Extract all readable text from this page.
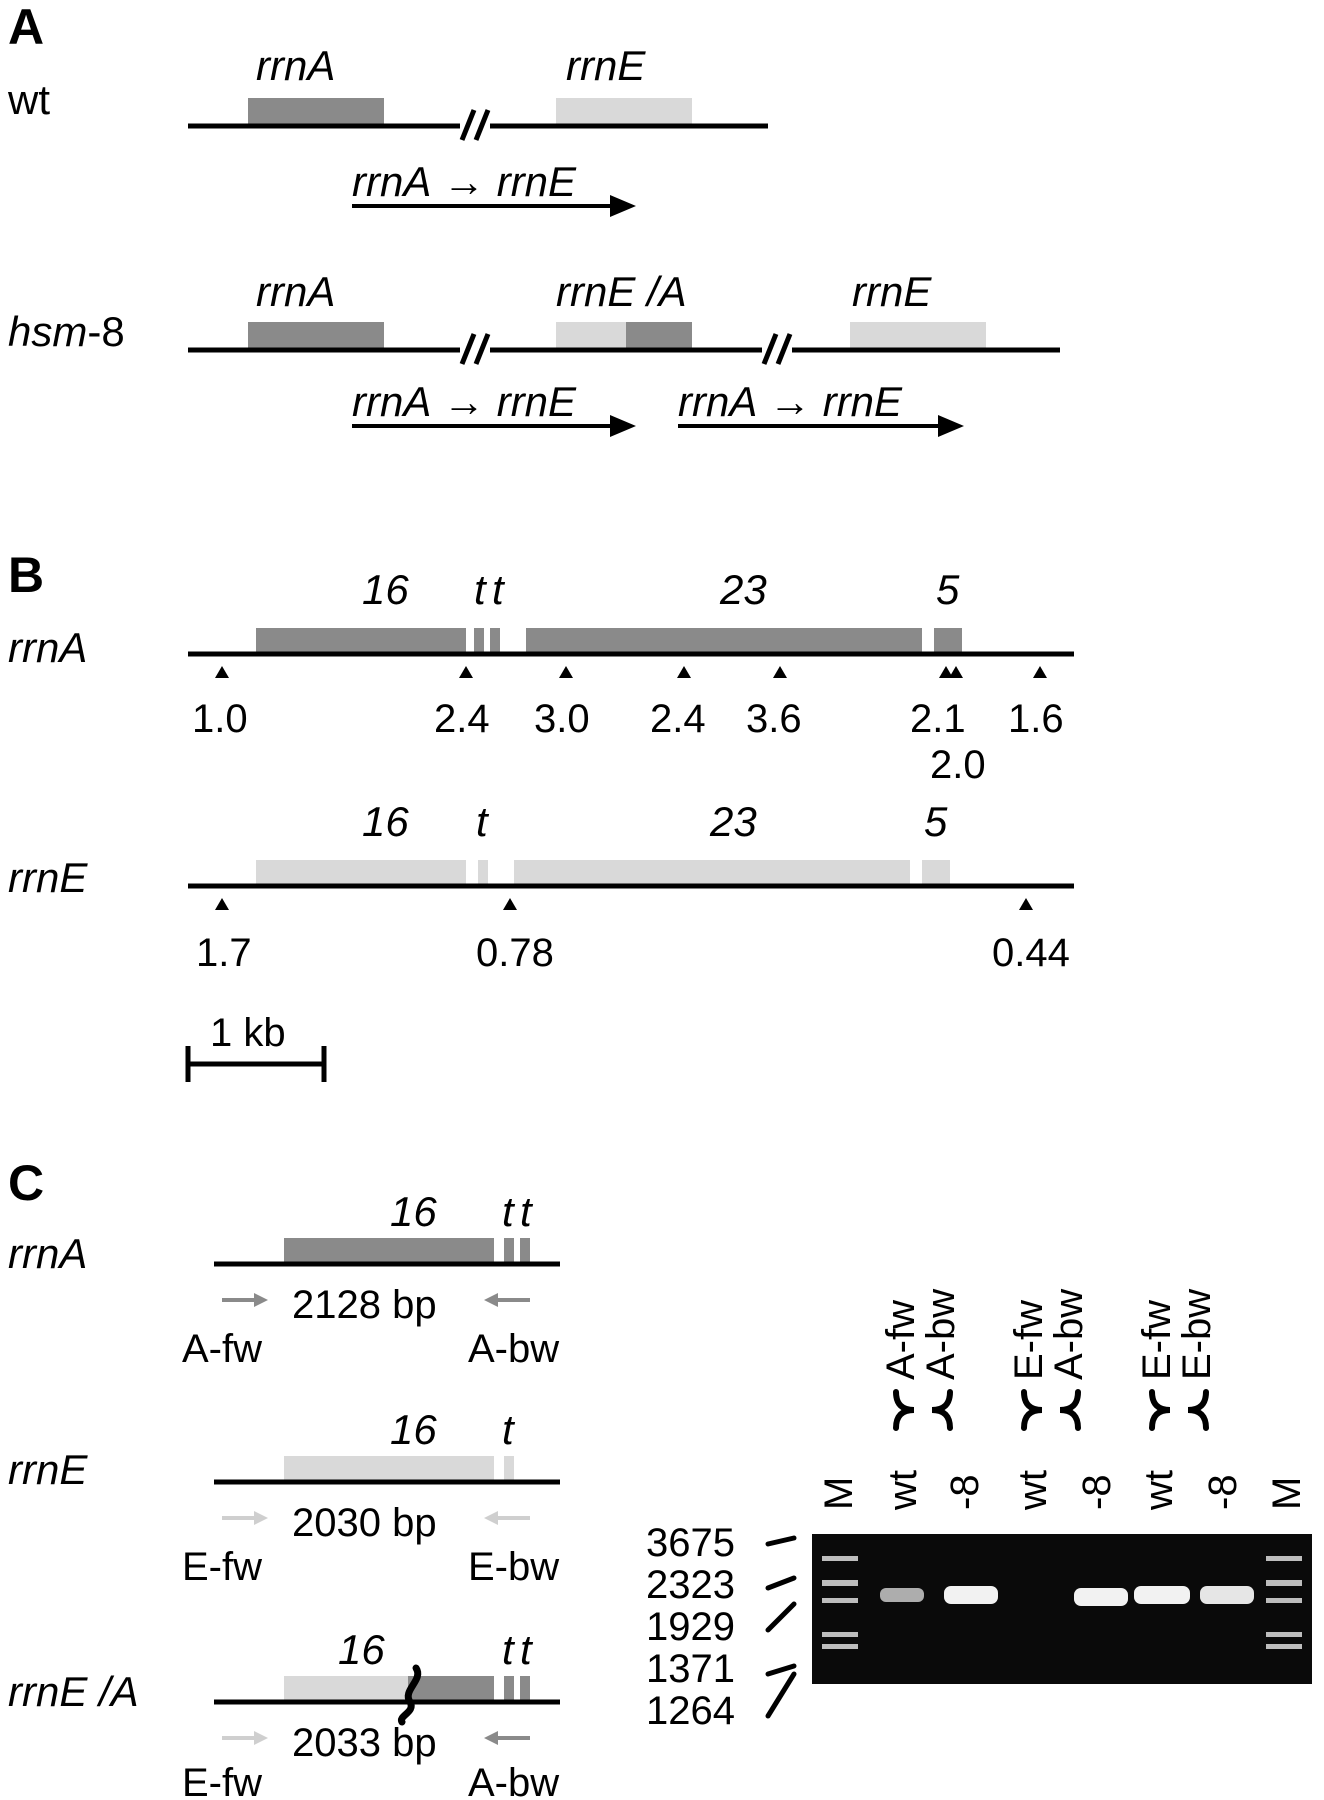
A
wt
rrnA	rrnE
rrnA → rrnE
hsm-8
rrnA	rrnE /A	rrnE
rrnA → rrnE rrnA → rrnE
B
rrnA
16 t t	23	5
1.0	2.4 3.0 2.4 3.6	2.1
2.0
1.6
rrnE
16 t	23	5
1.7	0.78	0.44
1 kb
C
rrnA
16 t t
2128 bp
A-fw	A-bw
rrnE
16 t
2030 bp
E-fw	E-bw
rrnE /A
16	t t
2033 bp
E-fw	A-bw
A-fw
A-bw E-fw
A-bw E-fw
E-bw
M wt -8 wt -8 wt -8 M
3675
2323
1929
1371
1264
